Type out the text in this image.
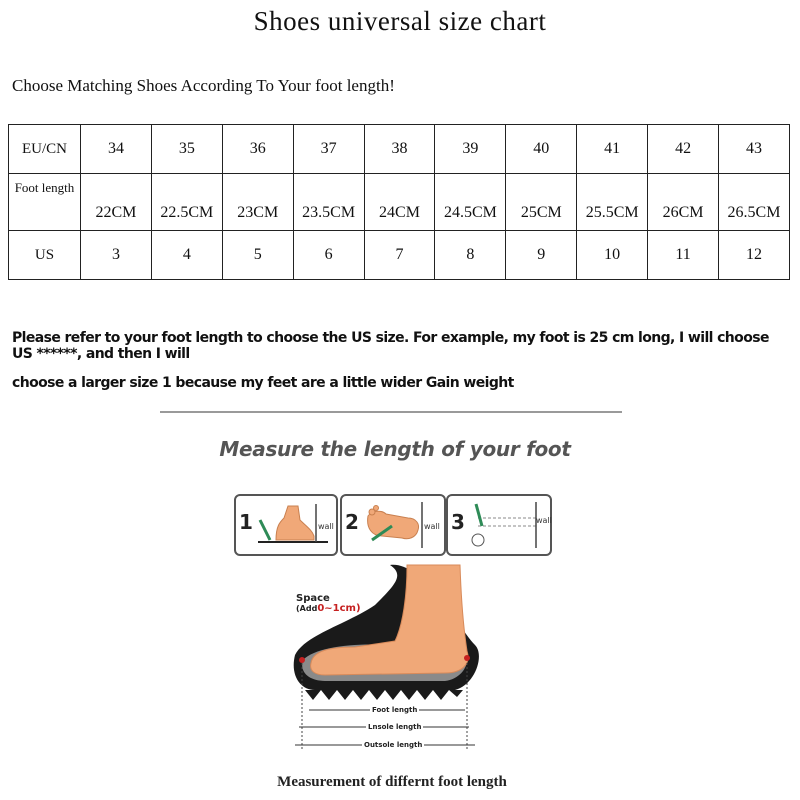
Shoes universal size chart
Choose Matching Shoes According To Your foot length!
EU/CN	34	35	36	37	38	39	40	41	42	43
Foot length	22CM	22.5CM	23CM	23.5CM	24CM	24.5CM	25CM	25.5CM	26CM	26.5CM
US	3	4	5	6	7	8	9	10	11	12
Please refer to your foot length to choose the US size. For example, my foot is 25 cm long, I will choose US ******, and then I will
choose a larger size 1 because my feet are a little wider Gain weight
Measure the length of your foot
1	wall 2	wall 3	wall
Space
(Add0~1cm)
Foot length
Lnsole length
Outsole length
Measurement of differnt foot length
